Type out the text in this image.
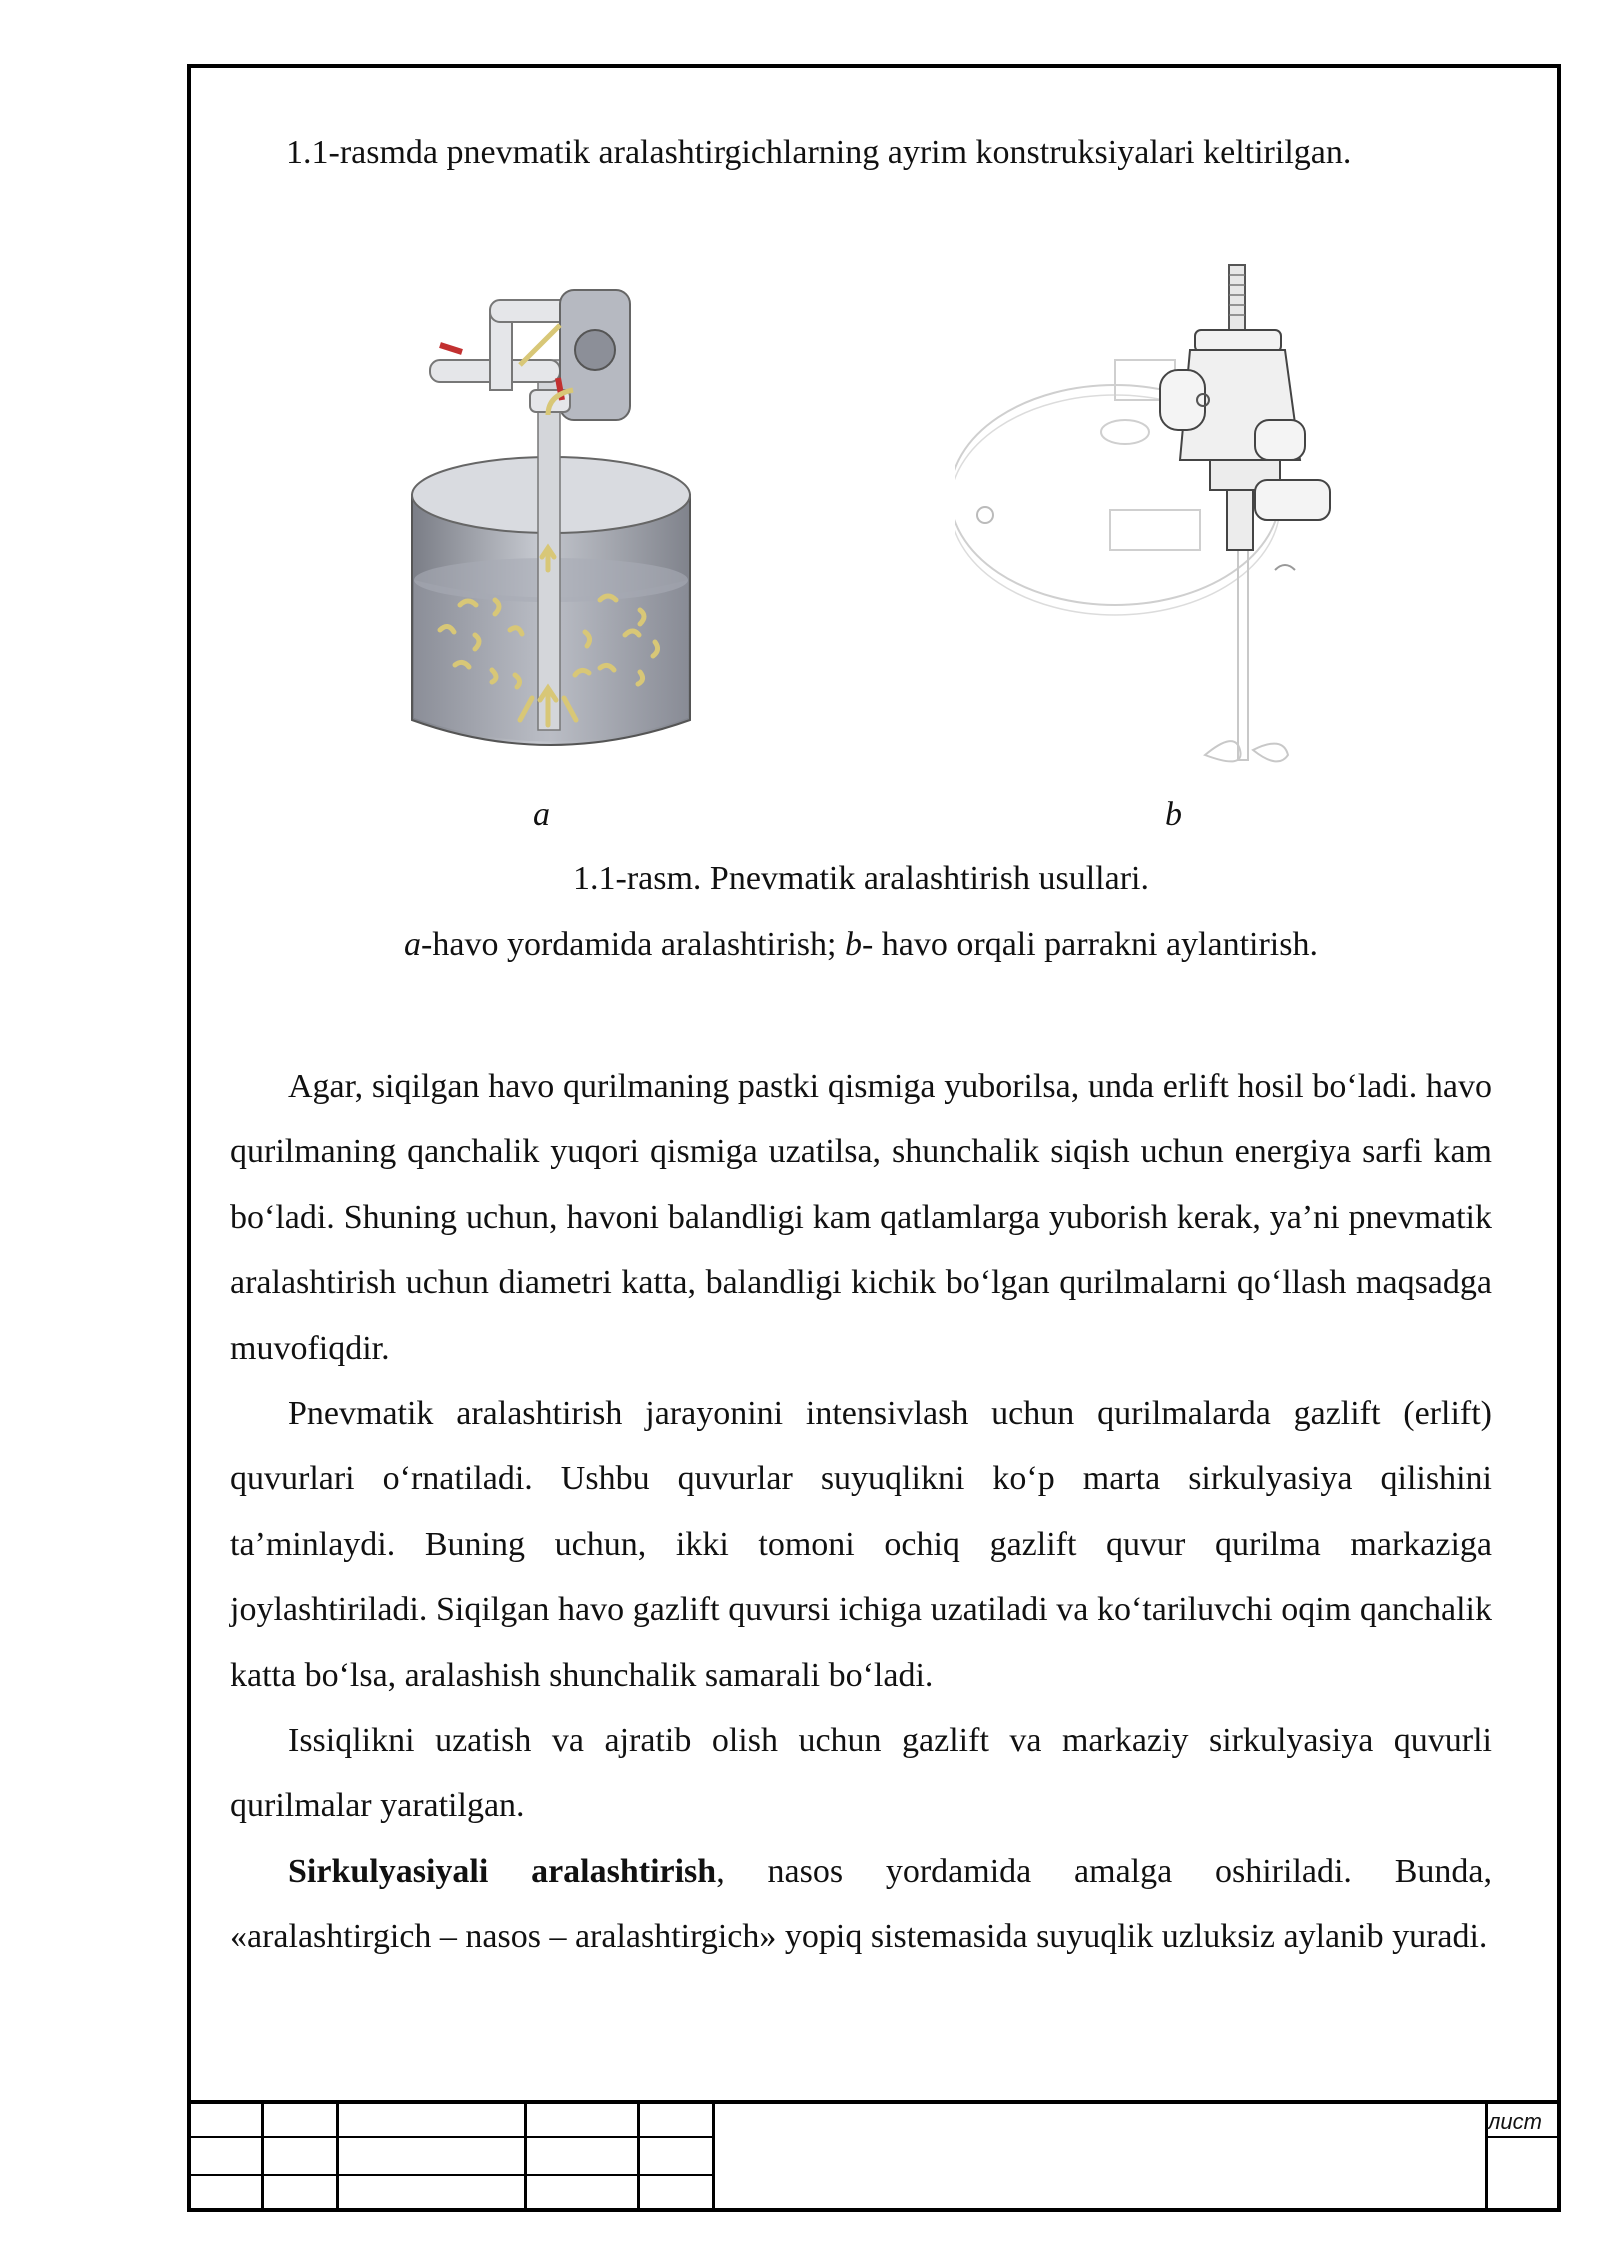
1.1-rasmda pnevmatik aralashtirgichlarning ayrim konstruksiyalari keltirilgan.
a	b
1.1-rasm. Pnevmatik aralashtirish usullari.
a-havo yordamida aralashtirish; b- havo orqali parrakni aylantirish.

Agar, siqilgan havo qurilmaning pastki qismiga yuborilsa, unda erlift hosil bo‘ladi. havo qurilmaning qanchalik yuqori qismiga uzatilsa, shunchalik siqish uchun energiya sarfi kam bo‘ladi. Shuning uchun, havoni balandligi kam qatlamlarga yuborish kerak, ya’ni pnevmatik aralashtirish uchun diametri katta, balandligi kichik bo‘lgan qurilmalarni qo‘llash maqsadga muvofiqdir.

Pnevmatik aralashtirish jarayonini intensivlash uchun qurilmalarda gazlift (erlift) quvurlari o‘rnatiladi. Ushbu quvurlar suyuqlikni ko‘p marta sirkulyasiya qilishini ta’minlaydi. Buning uchun, ikki tomoni ochiq gazlift quvur qurilma markaziga joylashtiriladi. Siqilgan havo gazlift quvursi ichiga uzatiladi va ko‘tariluvchi oqim qanchalik katta bo‘lsa, aralashish shunchalik samarali bo‘ladi.

Issiqlikni uzatish va ajratib olish uchun gazlift va markaziy sirkulyasiya quvurli qurilmalar yaratilgan.

Sirkulyasiyali aralashtirish, nasos yordamida amalga oshiriladi. Bunda, «aralashtirgich – nasos – aralashtirgich» yopiq sistemasida suyuqlik uzluksiz aylanib yuradi.

лист
